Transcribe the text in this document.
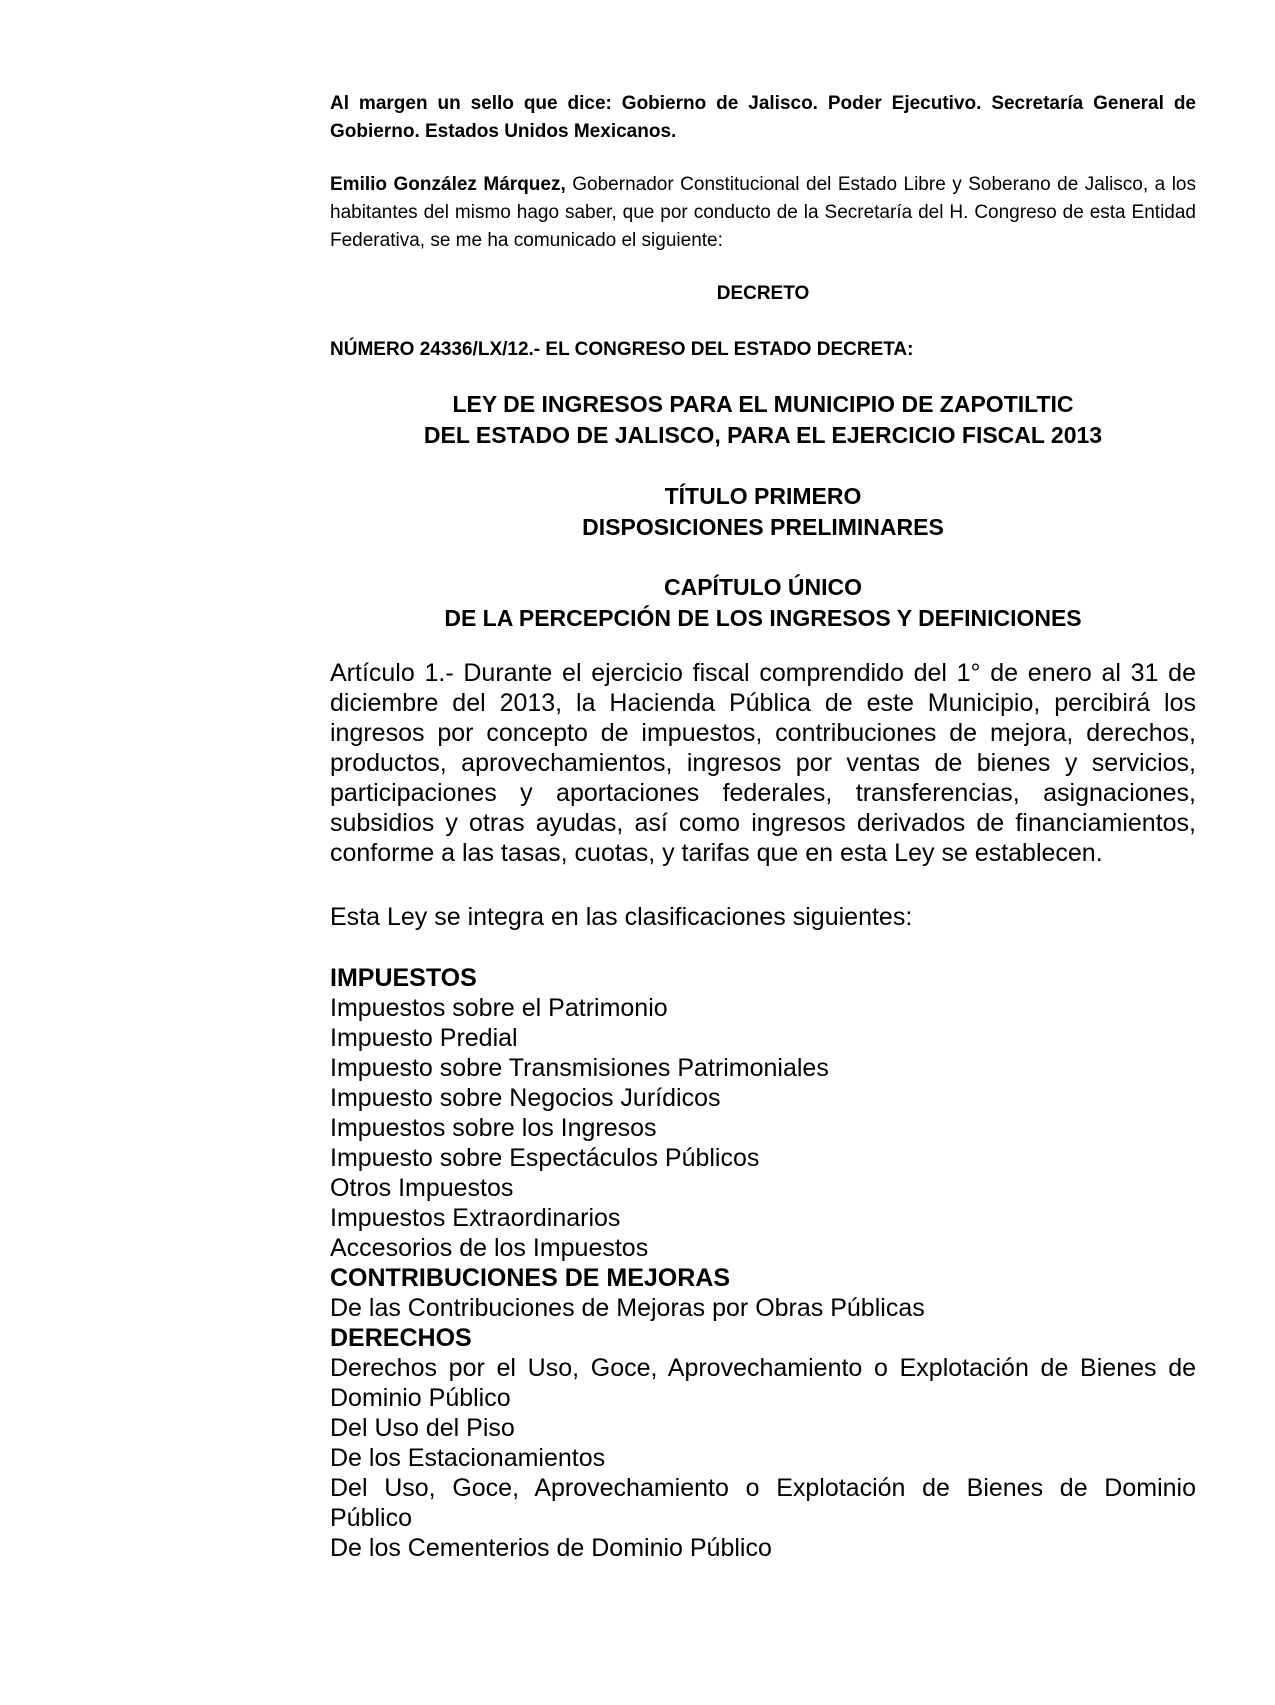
Al margen un sello que dice: Gobierno de Jalisco. Poder Ejecutivo. Secretaría General de Gobierno. Estados Unidos Mexicanos.

Emilio González Márquez, Gobernador Constitucional del Estado Libre y Soberano de Jalisco, a los habitantes del mismo hago saber, que por conducto de la Secretaría del H. Congreso de esta Entidad Federativa, se me ha comunicado el siguiente:

DECRETO
NÚMERO 24336/LX/12.- EL CONGRESO DEL ESTADO DECRETA:
LEY DE INGRESOS PARA EL MUNICIPIO DE ZAPOTILTIC
DEL ESTADO DE JALISCO, PARA EL EJERCICIO FISCAL 2013
TÍTULO PRIMERO
DISPOSICIONES PRELIMINARES
CAPÍTULO ÚNICO
DE LA PERCEPCIÓN DE LOS INGRESOS Y DEFINICIONES

Artículo 1.- Durante el ejercicio fiscal comprendido del 1° de enero al 31 de diciembre del 2013, la Hacienda Pública de este Municipio, percibirá los ingresos por concepto de impuestos, contribuciones de mejora, derechos, productos, aprovechamientos, ingresos por ventas de bienes y servicios, participaciones y aportaciones federales, transferencias, asignaciones, subsidios y otras ayudas, así como ingresos derivados de financiamientos, conforme a las tasas, cuotas, y tarifas que en esta Ley se establecen.

Esta Ley se integra en las clasificaciones siguientes:

IMPUESTOS
Impuestos sobre el Patrimonio
Impuesto Predial
Impuesto sobre Transmisiones Patrimoniales
Impuesto sobre Negocios Jurídicos
Impuestos sobre los Ingresos
Impuesto sobre Espectáculos Públicos
Otros Impuestos
Impuestos Extraordinarios
Accesorios de los Impuestos
CONTRIBUCIONES DE MEJORAS
De las Contribuciones de Mejoras por Obras Públicas
DERECHOS
Derechos por el Uso, Goce, Aprovechamiento o Explotación de Bienes de Dominio Público
Del Uso del Piso
De los Estacionamientos
Del Uso, Goce, Aprovechamiento o Explotación de Bienes de Dominio Público
De los Cementerios de Dominio Público
